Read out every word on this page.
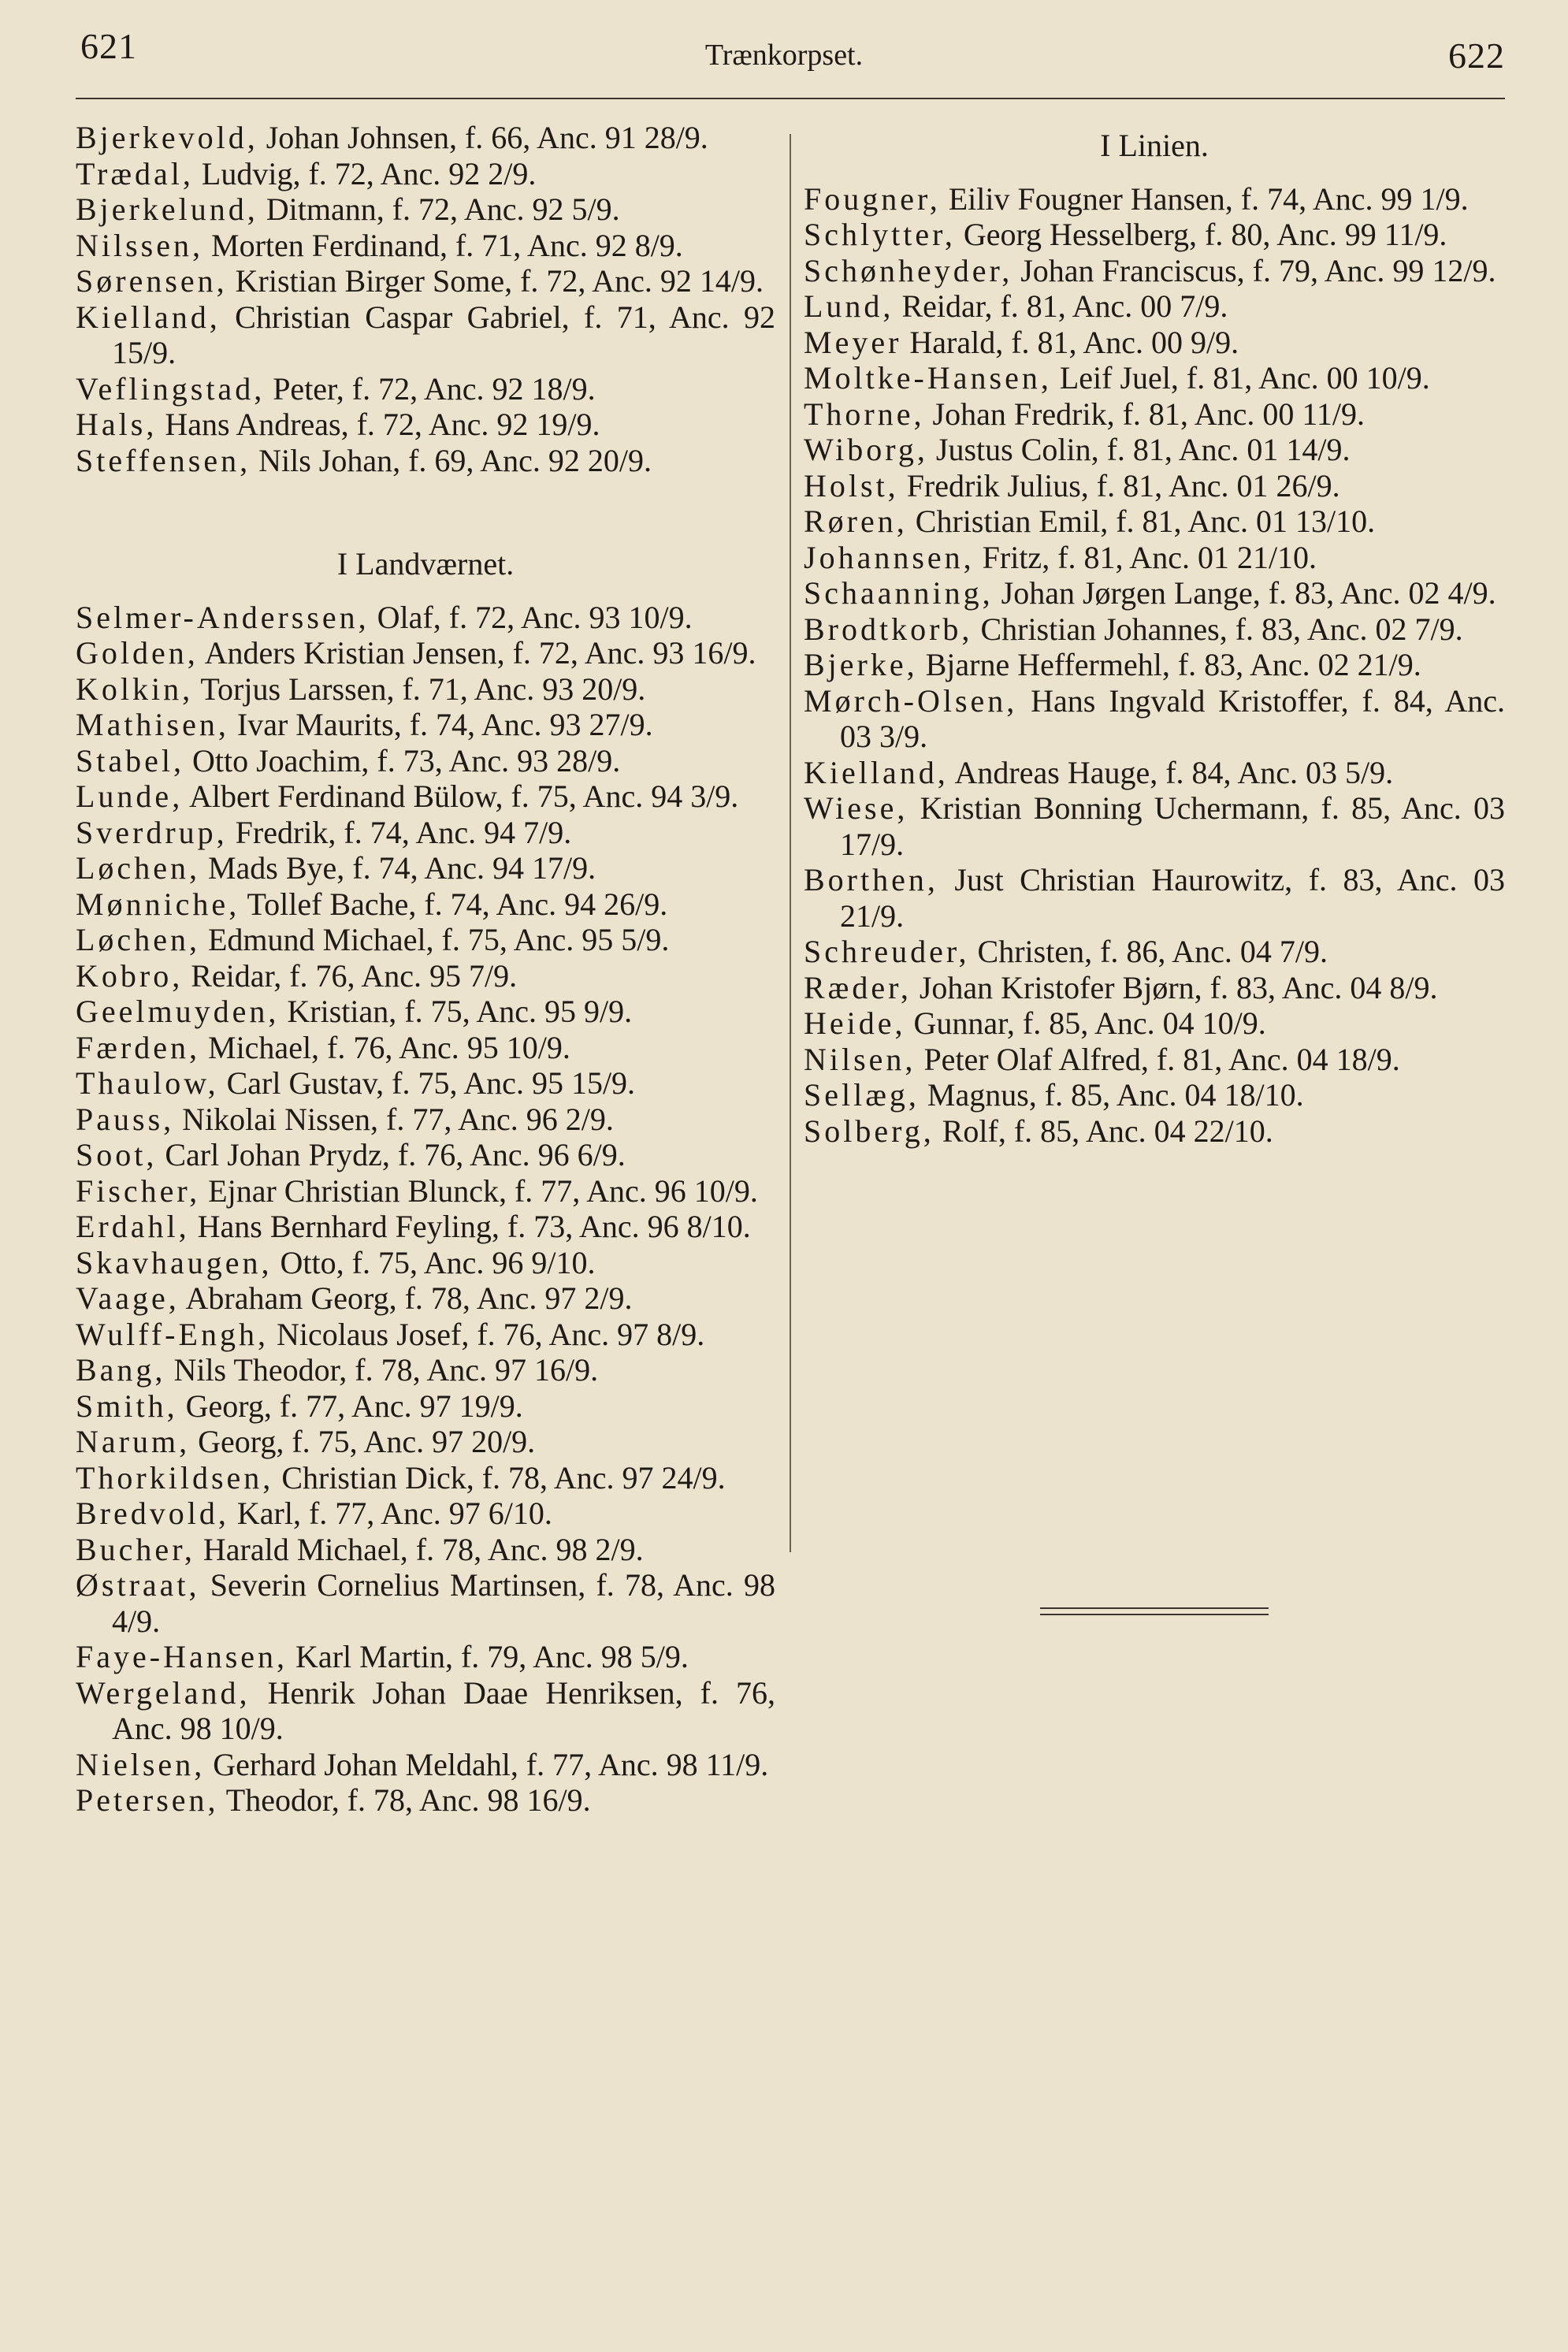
621	Trænkorpset.	622

Bjerkevold, Johan Johnsen, f. 66, Anc. 91 28/9.

Trædal, Ludvig, f. 72, Anc. 92 2/9.

Bjerkelund, Ditmann, f. 72, Anc. 92 5/9.

Nilssen, Morten Ferdinand, f. 71, Anc. 92 8/9.

Sørensen, Kristian Birger Some, f. 72, Anc. 92 14/9.

Kielland, Christian Caspar Gabriel, f. 71, Anc. 92 15/9.

Veflingstad, Peter, f. 72, Anc. 92 18/9.

Hals, Hans Andreas, f. 72, Anc. 92 19/9.

Steffensen, Nils Johan, f. 69, Anc. 92 20/9.

I Landværnet.

Selmer-Anderssen, Olaf, f. 72, Anc. 93 10/9.

Golden, Anders Kristian Jensen, f. 72, Anc. 93 16/9.

Kolkin, Torjus Larssen, f. 71, Anc. 93 20/9.

Mathisen, Ivar Maurits, f. 74, Anc. 93 27/9.

Stabel, Otto Joachim, f. 73, Anc. 93 28/9.

Lunde, Albert Ferdinand Bülow, f. 75, Anc. 94 3/9.

Sverdrup, Fredrik, f. 74, Anc. 94 7/9.

Løchen, Mads Bye, f. 74, Anc. 94 17/9.

Mønniche, Tollef Bache, f. 74, Anc. 94 26/9.

Løchen, Edmund Michael, f. 75, Anc. 95 5/9.

Kobro, Reidar, f. 76, Anc. 95 7/9.

Geelmuyden, Kristian, f. 75, Anc. 95 9/9.

Færden, Michael, f. 76, Anc. 95 10/9.

Thaulow, Carl Gustav, f. 75, Anc. 95 15/9.

Pauss, Nikolai Nissen, f. 77, Anc. 96 2/9.

Soot, Carl Johan Prydz, f. 76, Anc. 96 6/9.

Fischer, Ejnar Christian Blunck, f. 77, Anc. 96 10/9.

Erdahl, Hans Bernhard Feyling, f. 73, Anc. 96 8/10.

Skavhaugen, Otto, f. 75, Anc. 96 9/10.

Vaage, Abraham Georg, f. 78, Anc. 97 2/9.

Wulff-Engh, Nicolaus Josef, f. 76, Anc. 97 8/9.

Bang, Nils Theodor, f. 78, Anc. 97 16/9.

Smith, Georg, f. 77, Anc. 97 19/9.

Narum, Georg, f. 75, Anc. 97 20/9.

Thorkildsen, Christian Dick, f. 78, Anc. 97 24/9.

Bredvold, Karl, f. 77, Anc. 97 6/10.

Bucher, Harald Michael, f. 78, Anc. 98 2/9.

Østraat, Severin Cornelius Martinsen, f. 78, Anc. 98 4/9.

Faye-Hansen, Karl Martin, f. 79, Anc. 98 5/9.

Wergeland, Henrik Johan Daae Henriksen, f. 76, Anc. 98 10/9.

Nielsen, Gerhard Johan Meldahl, f. 77, Anc. 98 11/9.

Petersen, Theodor, f. 78, Anc. 98 16/9.

I Linien.

Fougner, Eiliv Fougner Hansen, f. 74, Anc. 99 1/9.

Schlytter, Georg Hesselberg, f. 80, Anc. 99 11/9.

Schønheyder, Johan Franciscus, f. 79, Anc. 99 12/9.

Lund, Reidar, f. 81, Anc. 00 7/9.

Meyer Harald, f. 81, Anc. 00 9/9.

Moltke-Hansen, Leif Juel, f. 81, Anc. 00 10/9.

Thorne, Johan Fredrik, f. 81, Anc. 00 11/9.

Wiborg, Justus Colin, f. 81, Anc. 01 14/9.

Holst, Fredrik Julius, f. 81, Anc. 01 26/9.

Røren, Christian Emil, f. 81, Anc. 01 13/10.

Johannsen, Fritz, f. 81, Anc. 01 21/10.

Schaanning, Johan Jørgen Lange, f. 83, Anc. 02 4/9.

Brodtkorb, Christian Johannes, f. 83, Anc. 02 7/9.

Bjerke, Bjarne Heffermehl, f. 83, Anc. 02 21/9.

Mørch-Olsen, Hans Ingvald Kristoffer, f. 84, Anc. 03 3/9.

Kielland, Andreas Hauge, f. 84, Anc. 03 5/9.

Wiese, Kristian Bonning Uchermann, f. 85, Anc. 03 17/9.

Borthen, Just Christian Haurowitz, f. 83, Anc. 03 21/9.

Schreuder, Christen, f. 86, Anc. 04 7/9.

Ræder, Johan Kristofer Bjørn, f. 83, Anc. 04 8/9.

Heide, Gunnar, f. 85, Anc. 04 10/9.

Nilsen, Peter Olaf Alfred, f. 81, Anc. 04 18/9.

Sellæg, Magnus, f. 85, Anc. 04 18/10.

Solberg, Rolf, f. 85, Anc. 04 22/10.
